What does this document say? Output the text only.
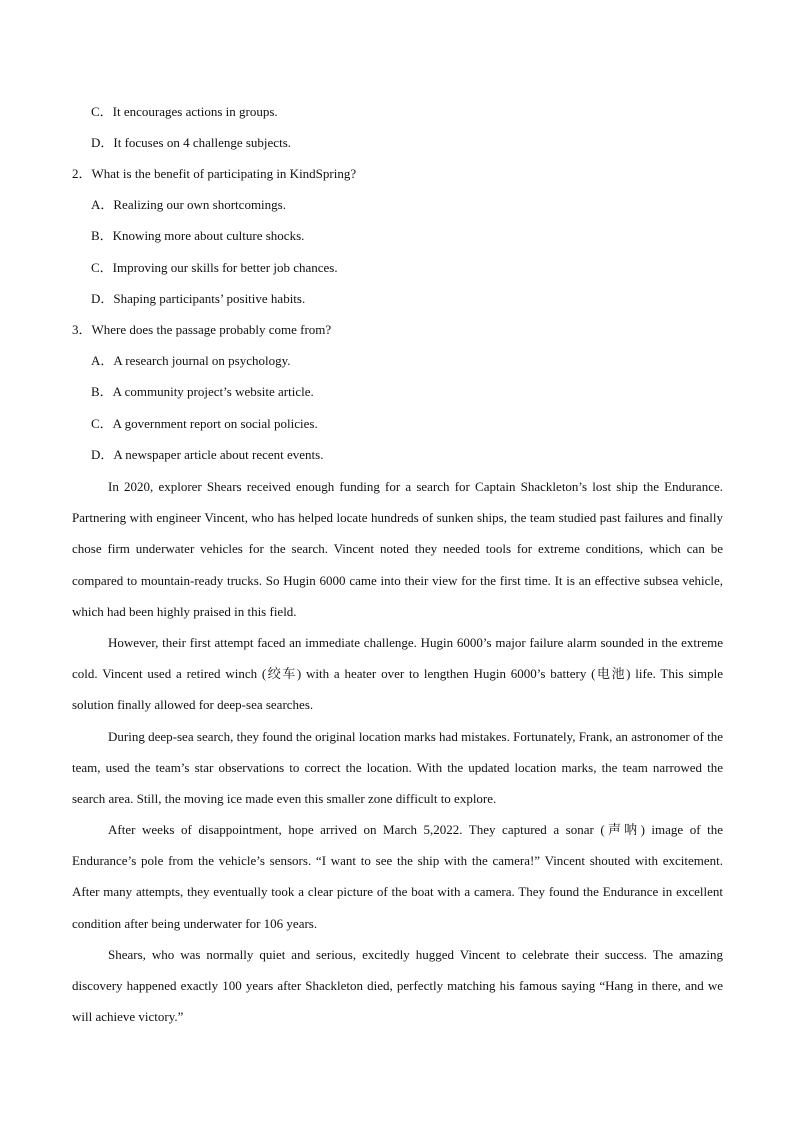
C．It encourages actions in groups.

D．It focuses on 4 challenge subjects.

2．What is the benefit of participating in KindSpring?

A．Realizing our own shortcomings.

B．Knowing more about culture shocks.

C．Improving our skills for better job chances.

D．Shaping participants’ positive habits.

3．Where does the passage probably come from?

A．A research journal on psychology.

B．A community project’s website article.

C．A government report on social policies.

D．A newspaper article about recent events.

In 2020, explorer Shears received enough funding for a search for Captain Shackleton’s lost ship the Endurance. Partnering with engineer Vincent, who has helped locate hundreds of sunken ships, the team studied past failures and finally chose firm underwater vehicles for the search. Vincent noted they needed tools for extreme conditions, which can be compared to mountain-ready trucks. So Hugin 6000 came into their view for the first time. It is an effective subsea vehicle, which had been highly praised in this field.

However, their first attempt faced an immediate challenge. Hugin 6000’s major failure alarm sounded in the extreme cold. Vincent used a retired winch (绞车) with a heater over to lengthen Hugin 6000’s battery (电池) life. This simple solution finally allowed for deep-sea searches.

During deep-sea search, they found the original location marks had mistakes. Fortunately, Frank, an astronomer of the team, used the team’s star observations to correct the location. With the updated location marks, the team narrowed the search area. Still, the moving ice made even this smaller zone difficult to explore.

After weeks of disappointment, hope arrived on March 5,2022. They captured a sonar (声呐) image of the Endurance’s pole from the vehicle’s sensors. “I want to see the ship with the camera!” Vincent shouted with excitement. After many attempts, they eventually took a clear picture of the boat with a camera. They found the Endurance in excellent condition after being underwater for 106 years.

Shears, who was normally quiet and serious, excitedly hugged Vincent to celebrate their success. The amazing discovery happened exactly 100 years after Shackleton died, perfectly matching his famous saying “Hang in there, and we will achieve victory.”
